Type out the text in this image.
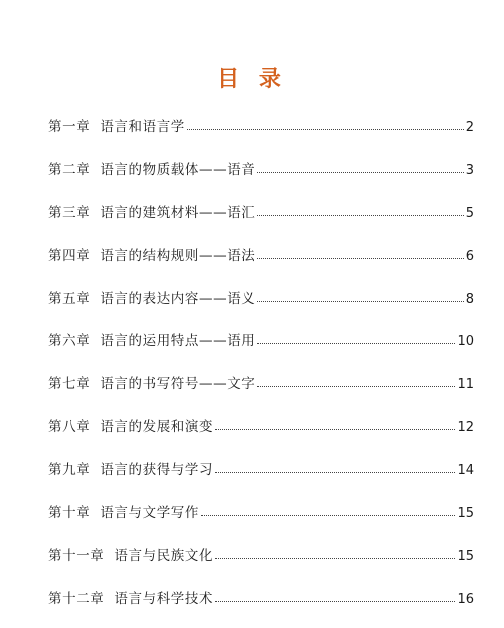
目 录
第一章 语言和语言学	2
第二章 语言的物质载体——语音	3
第三章 语言的建筑材料——语汇	5
第四章 语言的结构规则——语法	6
第五章 语言的表达内容——语义	8
第六章 语言的运用特点——语用	10
第七章 语言的书写符号——文字	11
第八章 语言的发展和演变	12
第九章 语言的获得与学习	14
第十章 语言与文学写作	15
第十一章 语言与民族文化	15
第十二章 语言与科学技术	16
